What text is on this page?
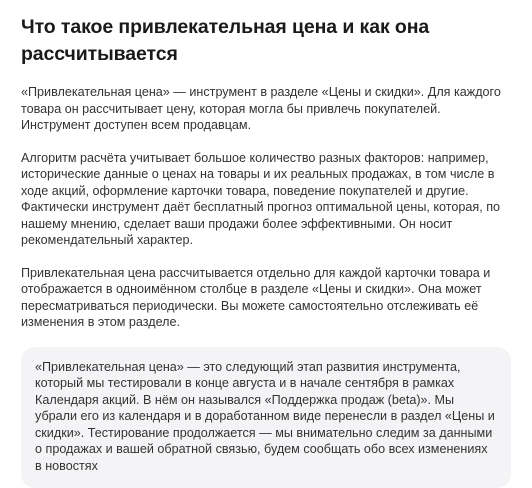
Что такое привлекательная цена и как она рассчитывается

«Привлекательная цена» — инструмент в разделе «Цены и скидки». Для каждого товара он рассчитывает цену, которая могла бы привлечь покупателей. Инструмент доступен всем продавцам.

Алгоритм расчёта учитывает большое количество разных факторов: например, исторические данные о ценах на товары и их реальных продажах, в том числе в ходе акций, оформление карточки товара, поведение покупателей и другие. Фактически инструмент даёт бесплатный прогноз оптимальной цены, которая, по нашему мнению, сделает ваши продажи более эффективными. Он носит рекомендательный характер.

Привлекательная цена рассчитывается отдельно для каждой карточки товара и отображается в одноимённом столбце в разделе «Цены и скидки». Она может пересматриваться периодически. Вы можете самостоятельно отслеживать её изменения в этом разделе.

«Привлекательная цена» — это следующий этап развития инструмента, который мы тестировали в конце августа и в начале сентября в рамках Календаря акций. В нём он назывался «Поддержка продаж (beta)». Мы убрали его из календаря и в доработанном виде перенесли в раздел «Цены и скидки». Тестирование продолжается — мы внимательно следим за данными о продажах и вашей обратной связью, будем сообщать обо всех изменениях в новостях
